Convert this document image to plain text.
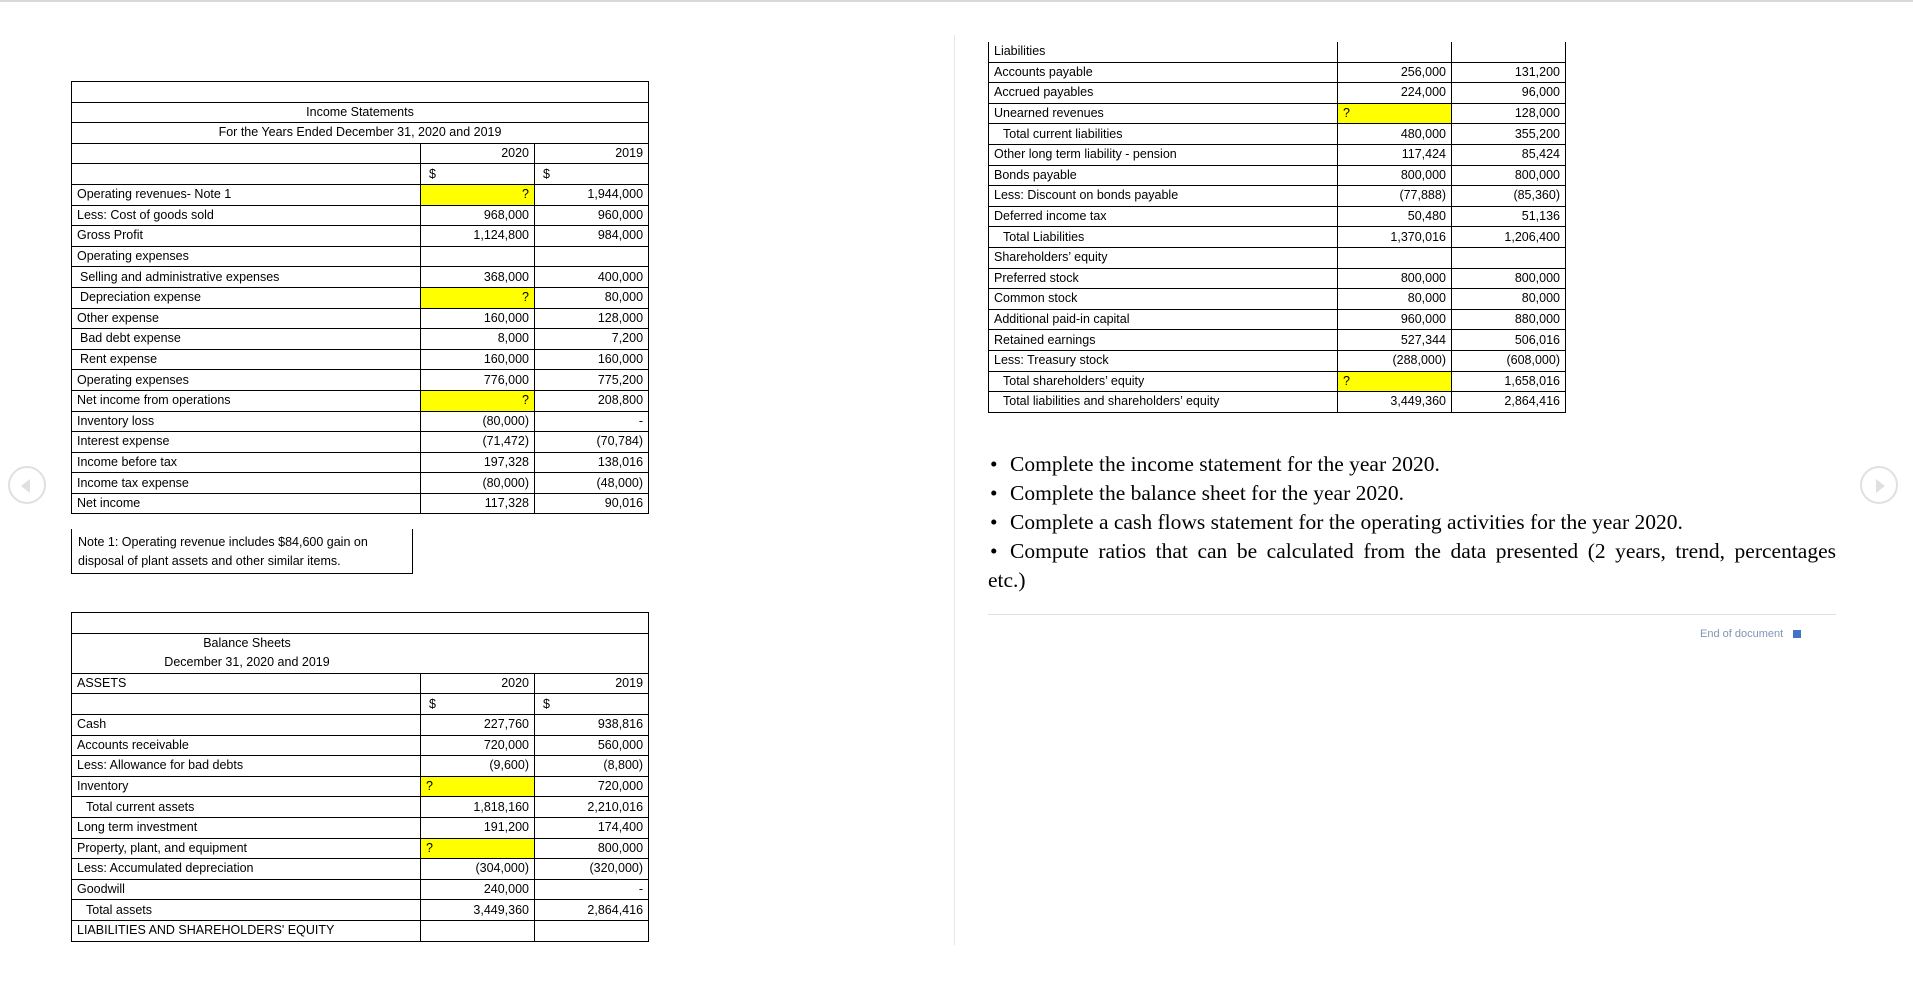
Income Statements		
For the Years Ended December 31, 2020 and 2019		
	2020	2019
	$	$
Operating revenues- Note 1	?	1,944,000
Less: Cost of goods sold	968,000	960,000
Gross Profit	1,124,800	984,000
Operating expenses		
Selling and administrative expenses	368,000	400,000
Depreciation expense	?	80,000
Other expense	160,000	128,000
Bad debt expense	8,000	7,200
Rent expense	160,000	160,000
Operating expenses	776,000	775,200
Net income from operations	?	208,800
Inventory loss	(80,000)	-
Interest expense	(71,472)	(70,784)
Income before tax	197,328	138,016
Income tax expense	(80,000)	(48,000)
Net income	117,328	90,016
Note 1: Operating revenue includes $84,600 gain on
disposal of plant assets and other similar items.

Balance Sheets		
December 31, 2020 and 2019		
ASSETS	2020	2019
	$	$
Cash	227,760	938,816
Accounts receivable	720,000	560,000
Less: Allowance for bad debts	(9,600)	(8,800)
Inventory	?	720,000
Total current assets	1,818,160	2,210,016
Long term investment	191,200	174,400
Property, plant, and equipment	?	800,000
Less: Accumulated depreciation	(304,000)	(320,000)
Goodwill	240,000	-
Total assets	3,449,360	2,864,416
LIABILITIES AND SHAREHOLDERS' EQUITY		
Liabilities		
Accounts payable	256,000	131,200
Accrued payables	224,000	96,000
Unearned revenues	?	128,000
Total current liabilities	480,000	355,200
Other long term liability - pension	117,424	85,424
Bonds payable	800,000	800,000
Less: Discount on bonds payable	(77,888)	(85,360)
Deferred income tax	50,480	51,136
Total Liabilities	1,370,016	1,206,400
Shareholders’ equity		
Preferred stock	800,000	800,000
Common stock	80,000	80,000
Additional paid-in capital	960,000	880,000
Retained earnings	527,344	506,016
Less: Treasury stock	(288,000)	(608,000)
Total shareholders’ equity	?	1,658,016
Total liabilities and shareholders’ equity	3,449,360	2,864,416
• Complete the income statement for the year 2020.
• Complete the balance sheet for the year 2020.
• Complete a cash flows statement for the operating activities for the year 2020.
• Compute ratios that can be calculated from the data presented (2 years, trend, percentages
etc.)
End of document
